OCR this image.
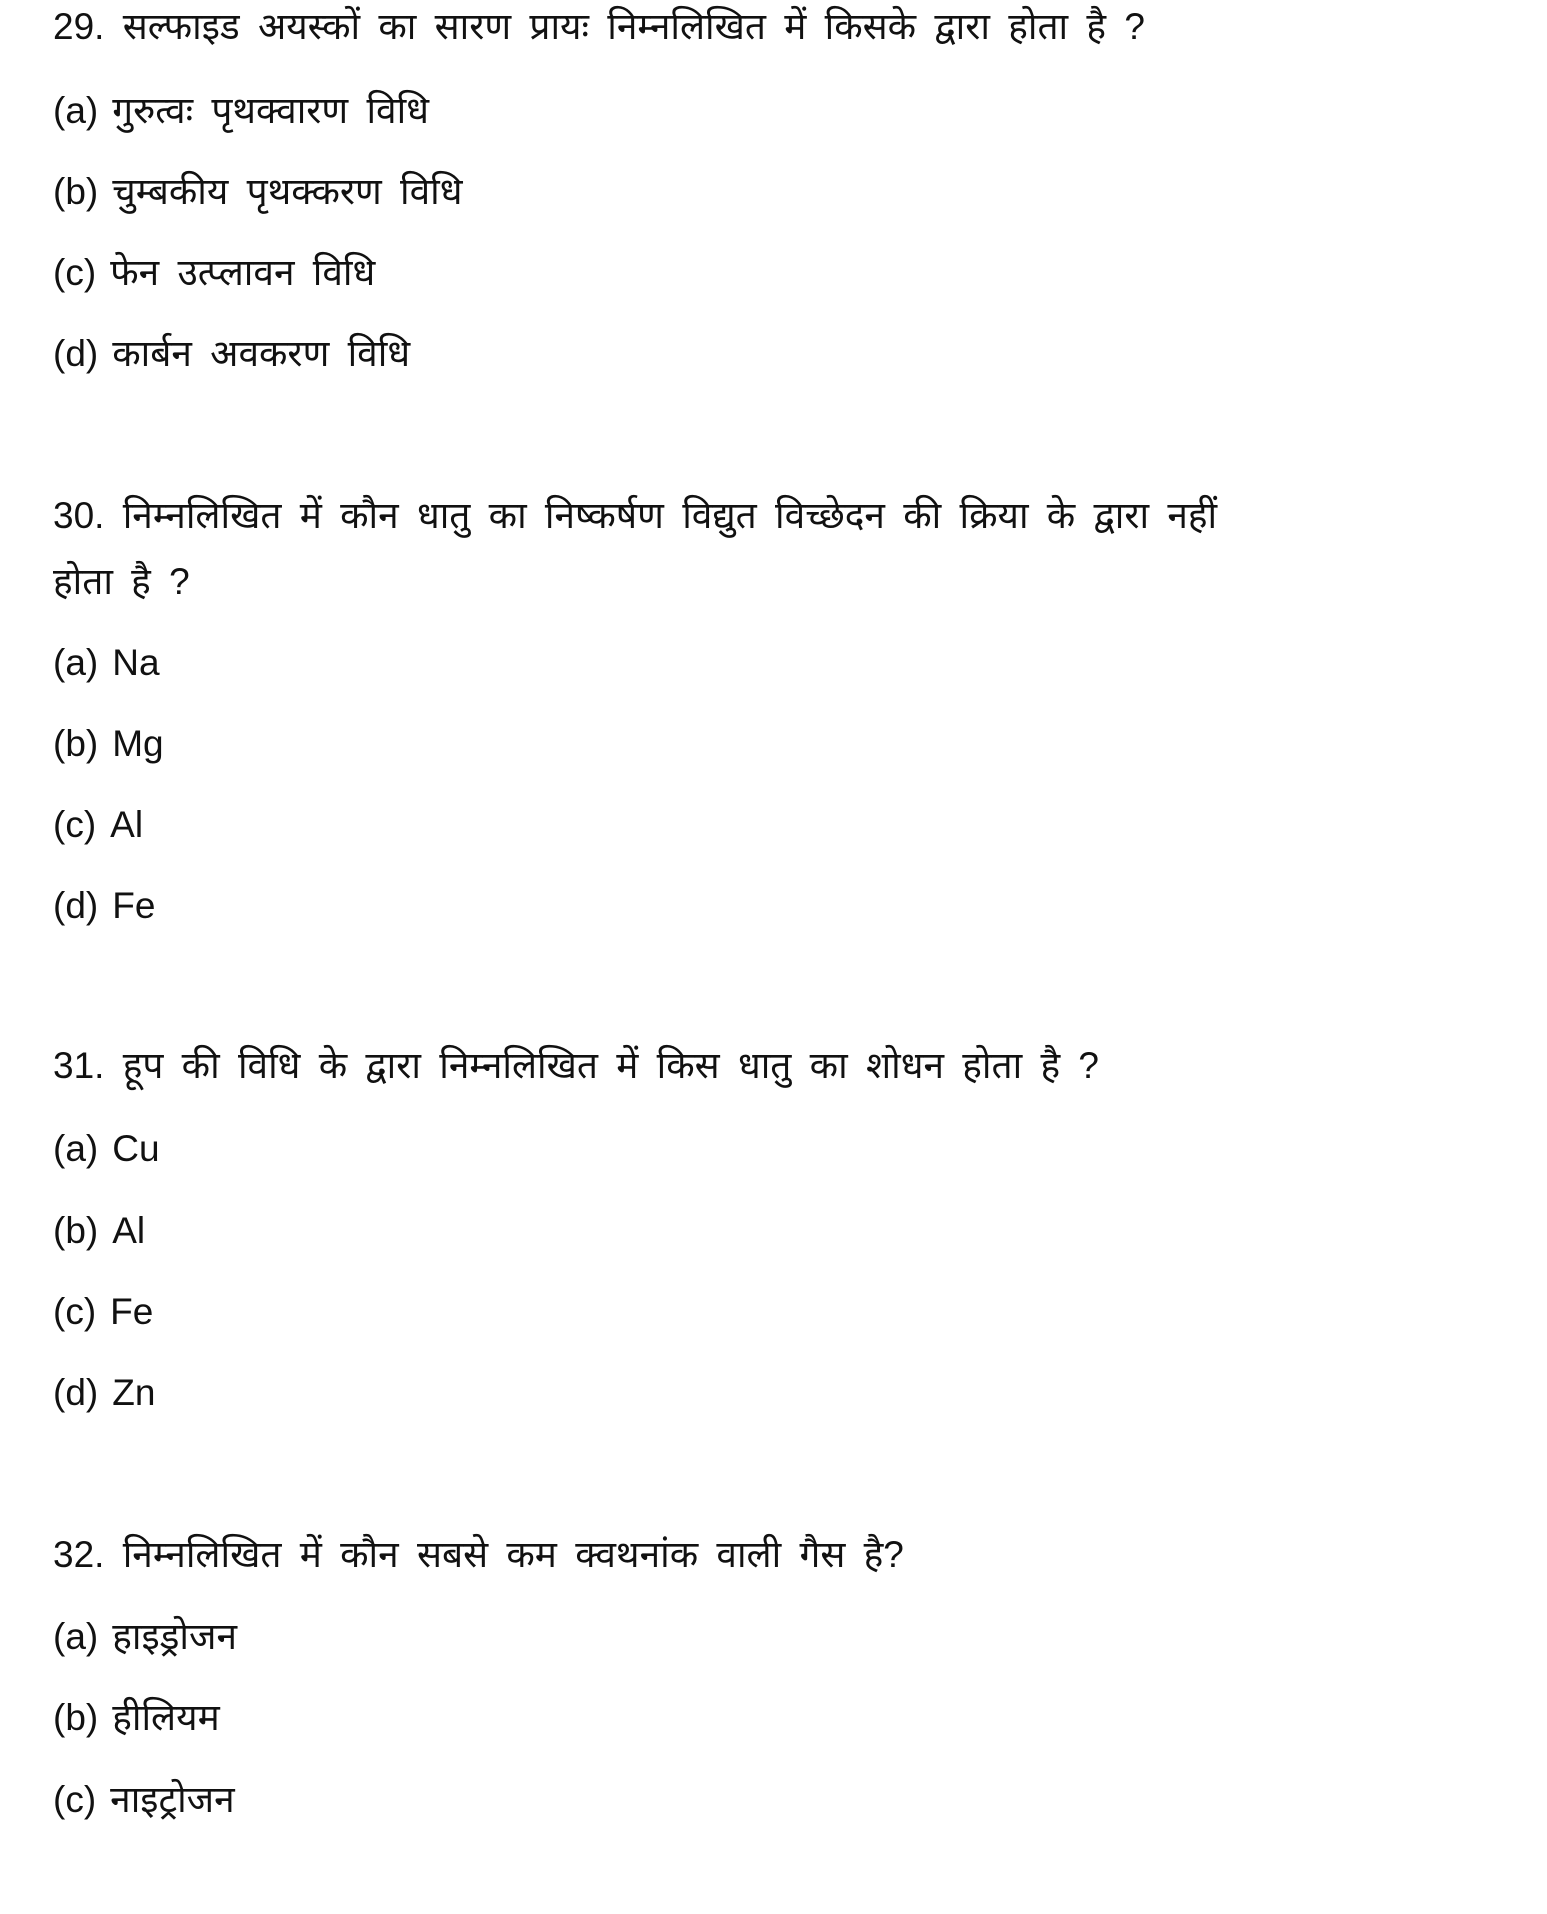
29. सल्फाइड अयस्कों का सारण प्रायः निम्नलिखित में किसके द्वारा होता है ?
(a) गुरुत्वः पृथक्वारण विधि
(b) चुम्बकीय पृथक्करण विधि
(c) फेन उत्प्लावन विधि
(d) कार्बन अवकरण विधि
30. निम्नलिखित में कौन धातु का निष्कर्षण विद्युत विच्छेदन की क्रिया के द्वारा नहीं
होता है ?
(a) Na
(b) Mg
(c) Al
(d) Fe
31. हूप की विधि के द्वारा निम्नलिखित में किस धातु का शोधन होता है ?
(a) Cu
(b) Al
(c) Fe
(d) Zn
32. निम्नलिखित में कौन सबसे कम क्वथनांक वाली गैस है?
(a) हाइड्रोजन
(b) हीलियम
(c) नाइट्रोजन
